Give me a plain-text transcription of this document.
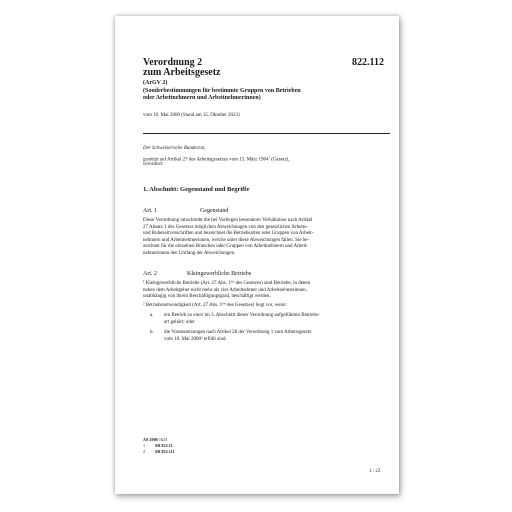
Verordnung 2
zum Arbeitsgesetz
822.112
(ArGV 2)
(Sonderbestimmungen für bestimmte Gruppen von Betrieben
oder Arbeitnehmern und Arbeitnehmerinnen)
vom 10. Mai 2000 (Stand am 15. Oktober 2023)
Der Schweizerische Bundesrat,
gestützt auf Artikel 27 des Arbeitsgesetzes vom 13. März 1964$^1$ (Gesetz),
verordnet:
1. Abschnitt: Gegenstand und Begriffe
Art. 1	Gegenstand
Diese Verordnung umschreibt die bei Vorliegen besonderer Verhältnisse nach Artikel
27 Absatz 1 des Gesetzes möglichen Abweichungen von den gesetzlichen Arbeits-
und Ruhezeitvorschriften und bezeichnet die Betriebsarten oder Gruppen von Arbeit-
nehmern und Arbeitnehmerinnen, welche unter diese Abweichungen fallen. Sie be-
zeichnet für die einzelnen Branchen oder Gruppen von Arbeitnehmern und Arbeit-
nehmerinnen den Umfang der Abweichungen.
Art. 2	Kleingewerbliche Betriebe
¹ Kleingewerbliche Betriebe (Art. 27 Abs. 1ᵇⁱˢ des Gesetzes) sind Betriebe, in denen
neben dem Arbeitgeber nicht mehr als vier Arbeitnehmer und Arbeitnehmerinnen,
unabhängig von ihrem Beschäftigungsgrad, beschäftigt werden.
² Betriebsnotwendigkeit (Art. 27 Abs. 1ᵇⁱˢ des Gesetzes) liegt vor, wenn:
a. ein Betrieb zu einer im 3. Abschnitt dieser Verordnung aufgeführten Betriebs-
art gehört; oder
b. die Voraussetzungen nach Artikel 28 der Verordnung 1 zum Arbeitsgesetz
vom 10. Mai 2000² erfüllt sind.
AS 2000 1623
1 SR 822.11
2 SR 822.111
1 / 22
